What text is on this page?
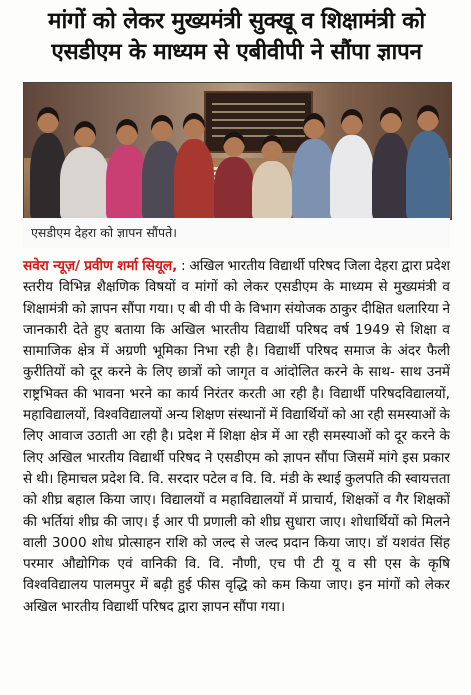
मांगों को लेकर मुख्यमंत्री सुक्खू व शिक्षामंत्री को
एसडीएम के माध्यम से एबीवीपी ने सौंपा ज्ञापन
एसडीएम देहरा को ज्ञापन सौंपते।

सवेरा न्यूज़/ प्रवीण शर्मा सियूल, : अखिल भारतीय विद्यार्थी परिषद जिला देहरा द्वारा प्रदेश स्तरीय विभिन्न शैक्षणिक विषयों व मांगों को लेकर एसडीएम के माध्यम से मुख्यमंत्री व शिक्षामंत्री को ज्ञापन सौंपा गया। ए बी वी पी के विभाग संयोजक ठाकुर दीक्षित धलारिया ने जानकारी देते हुए बताया कि अखिल भारतीय विद्यार्थी परिषद वर्ष 1949 से शिक्षा व सामाजिक क्षेत्र में अग्रणी भूमिका निभा रही है। विद्यार्थी परिषद समाज के अंदर फैली कुरीतियों को दूर करने के लिए छात्रों को जागृत व आंदोलित करने के साथ- साथ उनमें राष्ट्रभिक्त की भावना भरने का कार्य निरंतर करती आ रही है। विद्यार्थी परिषदविद्यालयों, महाविद्यालयों, विश्वविद्यालयों अन्य शिक्षण संस्थानों में विद्यार्थियों को आ रही समस्याओं के लिए आवाज उठाती आ रही है। प्रदेश में शिक्षा क्षेत्र में आ रही समस्याओं को दूर करने के लिए अखिल भारतीय विद्यार्थी परिषद ने एसडीएम को ज्ञापन सौंपा जिसमें मांगे इस प्रकार से थी। हिमाचल प्रदेश वि. वि. सरदार पटेल व वि. वि. मंडी के स्थाई कुलपति की स्वायत्तता को शीघ्र बहाल किया जाए। विद्यालयों व महाविद्यालयों में प्राचार्य, शिक्षकों व गैर शिक्षकों की भर्तियां शीघ्र की जाए। ई आर पी प्रणाली को शीघ्र सुधारा जाए। शोधार्थियों को मिलने वाली 3000 शोध प्रोत्साहन राशि को जल्द से जल्द प्रदान किया जाए। डॉ यशवंत सिंह परमार औद्योगिक एवं वानिकी वि. वि. नौणी, एच पी टी यू व सी एस के कृषि विश्वविद्यालय पालमपुर में बढ़ी हुई फीस वृद्धि को कम किया जाए। इन मांगों को लेकर अखिल भारतीय विद्यार्थी परिषद द्वारा ज्ञापन सौंपा गया।
